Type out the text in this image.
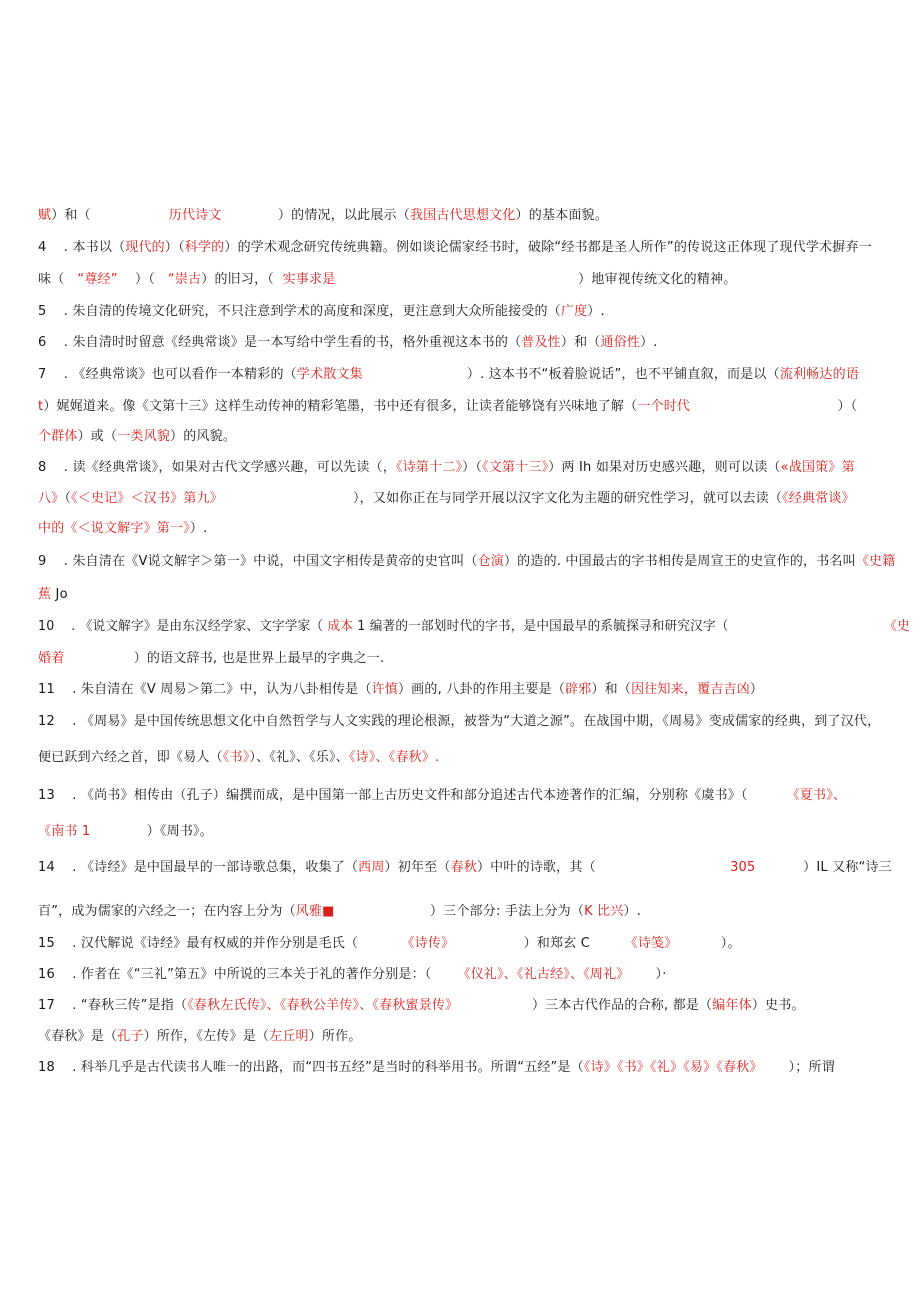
赋）和（                  历代诗文             ）的情况，以此展示（我国古代思想文化）的基本面貌。
4    . 本书以（现代的）（科学的）的学术观念研究传统典籍。例如谈论儒家经书时，破除“经书都是圣人所作”的传说这正体现了现代学术摒弃一
味（   “尊经”    ）（   “崇古）的旧习，（  实事求是                                                        ）地审视传统文化的精神。
5    . 朱自清的传境文化研究，不只注意到学术的高度和深度，更注意到大众所能接受的（广度）.
6    . 朱自清时时留意《经典常谈》是一本写给中学生看的书，格外重视这本书的（普及性）和（通俗性）.
7    . 《经典常谈》也可以看作一本精彩的（学术散文集                        ）. 这本书不“板着脸说话”，也不平铺直叙，而是以（流利畅达的语
t）娓娓道来。像《文第十三》这样生动传神的精彩笔墨，书中还有很多，让读者能够饶有兴味地了解（一个时代                                  ）（
个群体）或（一类风貌）的风貌。
8    . 读《经典常谈》，如果对古代文学感兴趣，可以先读（，《诗第十二》）（《文第十三》）两 Ih 如果对历史感兴趣，则可以读（«战国策》第
八》（《＜史记》＜汉书》第九》                              ），又如你正在与同学开展以汉字文化为主题的研究性学习，就可以去读（《经典常谈》
中的《＜说文解字》第一》）.
9    . 朱自清在《V说文解字＞第一》中说，中国文字相传是黄帝的史官叫（仓演）的造的. 中国最古的字书相传是周宣王的史宣作的，书名叫《史籍
蕉 Jo
10    . 《说文解字》是由东汉经学家、文字学家（ 成本 1 编著的一部划时代的字书，是中国最早的系毓探寻和研究汉字（                                     《史
婚着                ）的语文辞书, 也是世界上最早的字典之一.
11    . 朱自清在《V 周易＞第二》中，认为八卦相传是（许慎）画的, 八卦的作用主要是（辟邪）和（因往知来，覆吉吉凶）
12    . 《周易》是中国传统思想文化中自然哲学与人文实践的理论根源，被誉为“大道之源”。在战国中期，《周易》变成儒家的经典，到了汉代，
便已跃到六经之首，即《易人（《书》）、《礼》、《乐》、《诗》、《春秋》.
13    . 《尚书》相传由（孔子）编撰而成，是中国第一部上古历史文件和部分追述古代本迹著作的汇编，分别称《虞书》（         《夏书》、
《南书 1             ）《周书》。
14    . 《诗经》是中国最早的一部诗歌总集，收集了（西周）初年至（春秋）中叶的诗歌，其（                               305           ）IL 又称“诗三
百”，成为儒家的六经之一；在内容上分为（风雅■                      ）三个部分: 手法上分为（K 比兴）.
15    . 汉代解说《诗经》最有权威的并作分别是毛氏（          《诗传》                ）和郑玄 C        《诗笺》          ）。
16    . 作者在《“三礼”第五》中所说的三本关于礼的著作分别是：（      《仪礼》、《礼古经》、《周礼》      ）·
17    . “春秋三传”是指（《春秋左氏传》、《春秋公羊传》、《春秋蜜景传》                 ）三本古代作品的合称, 都是（编年体）史书。
《春秋》是（孔子）所作，《左传》是（左丘明）所作。
18    . 科举几乎是古代读书人唯一的出路，而“四书五经”是当时的科举用书。所谓“五经”是（《诗》《书》《礼》《易》《春秋》      ）；所谓
